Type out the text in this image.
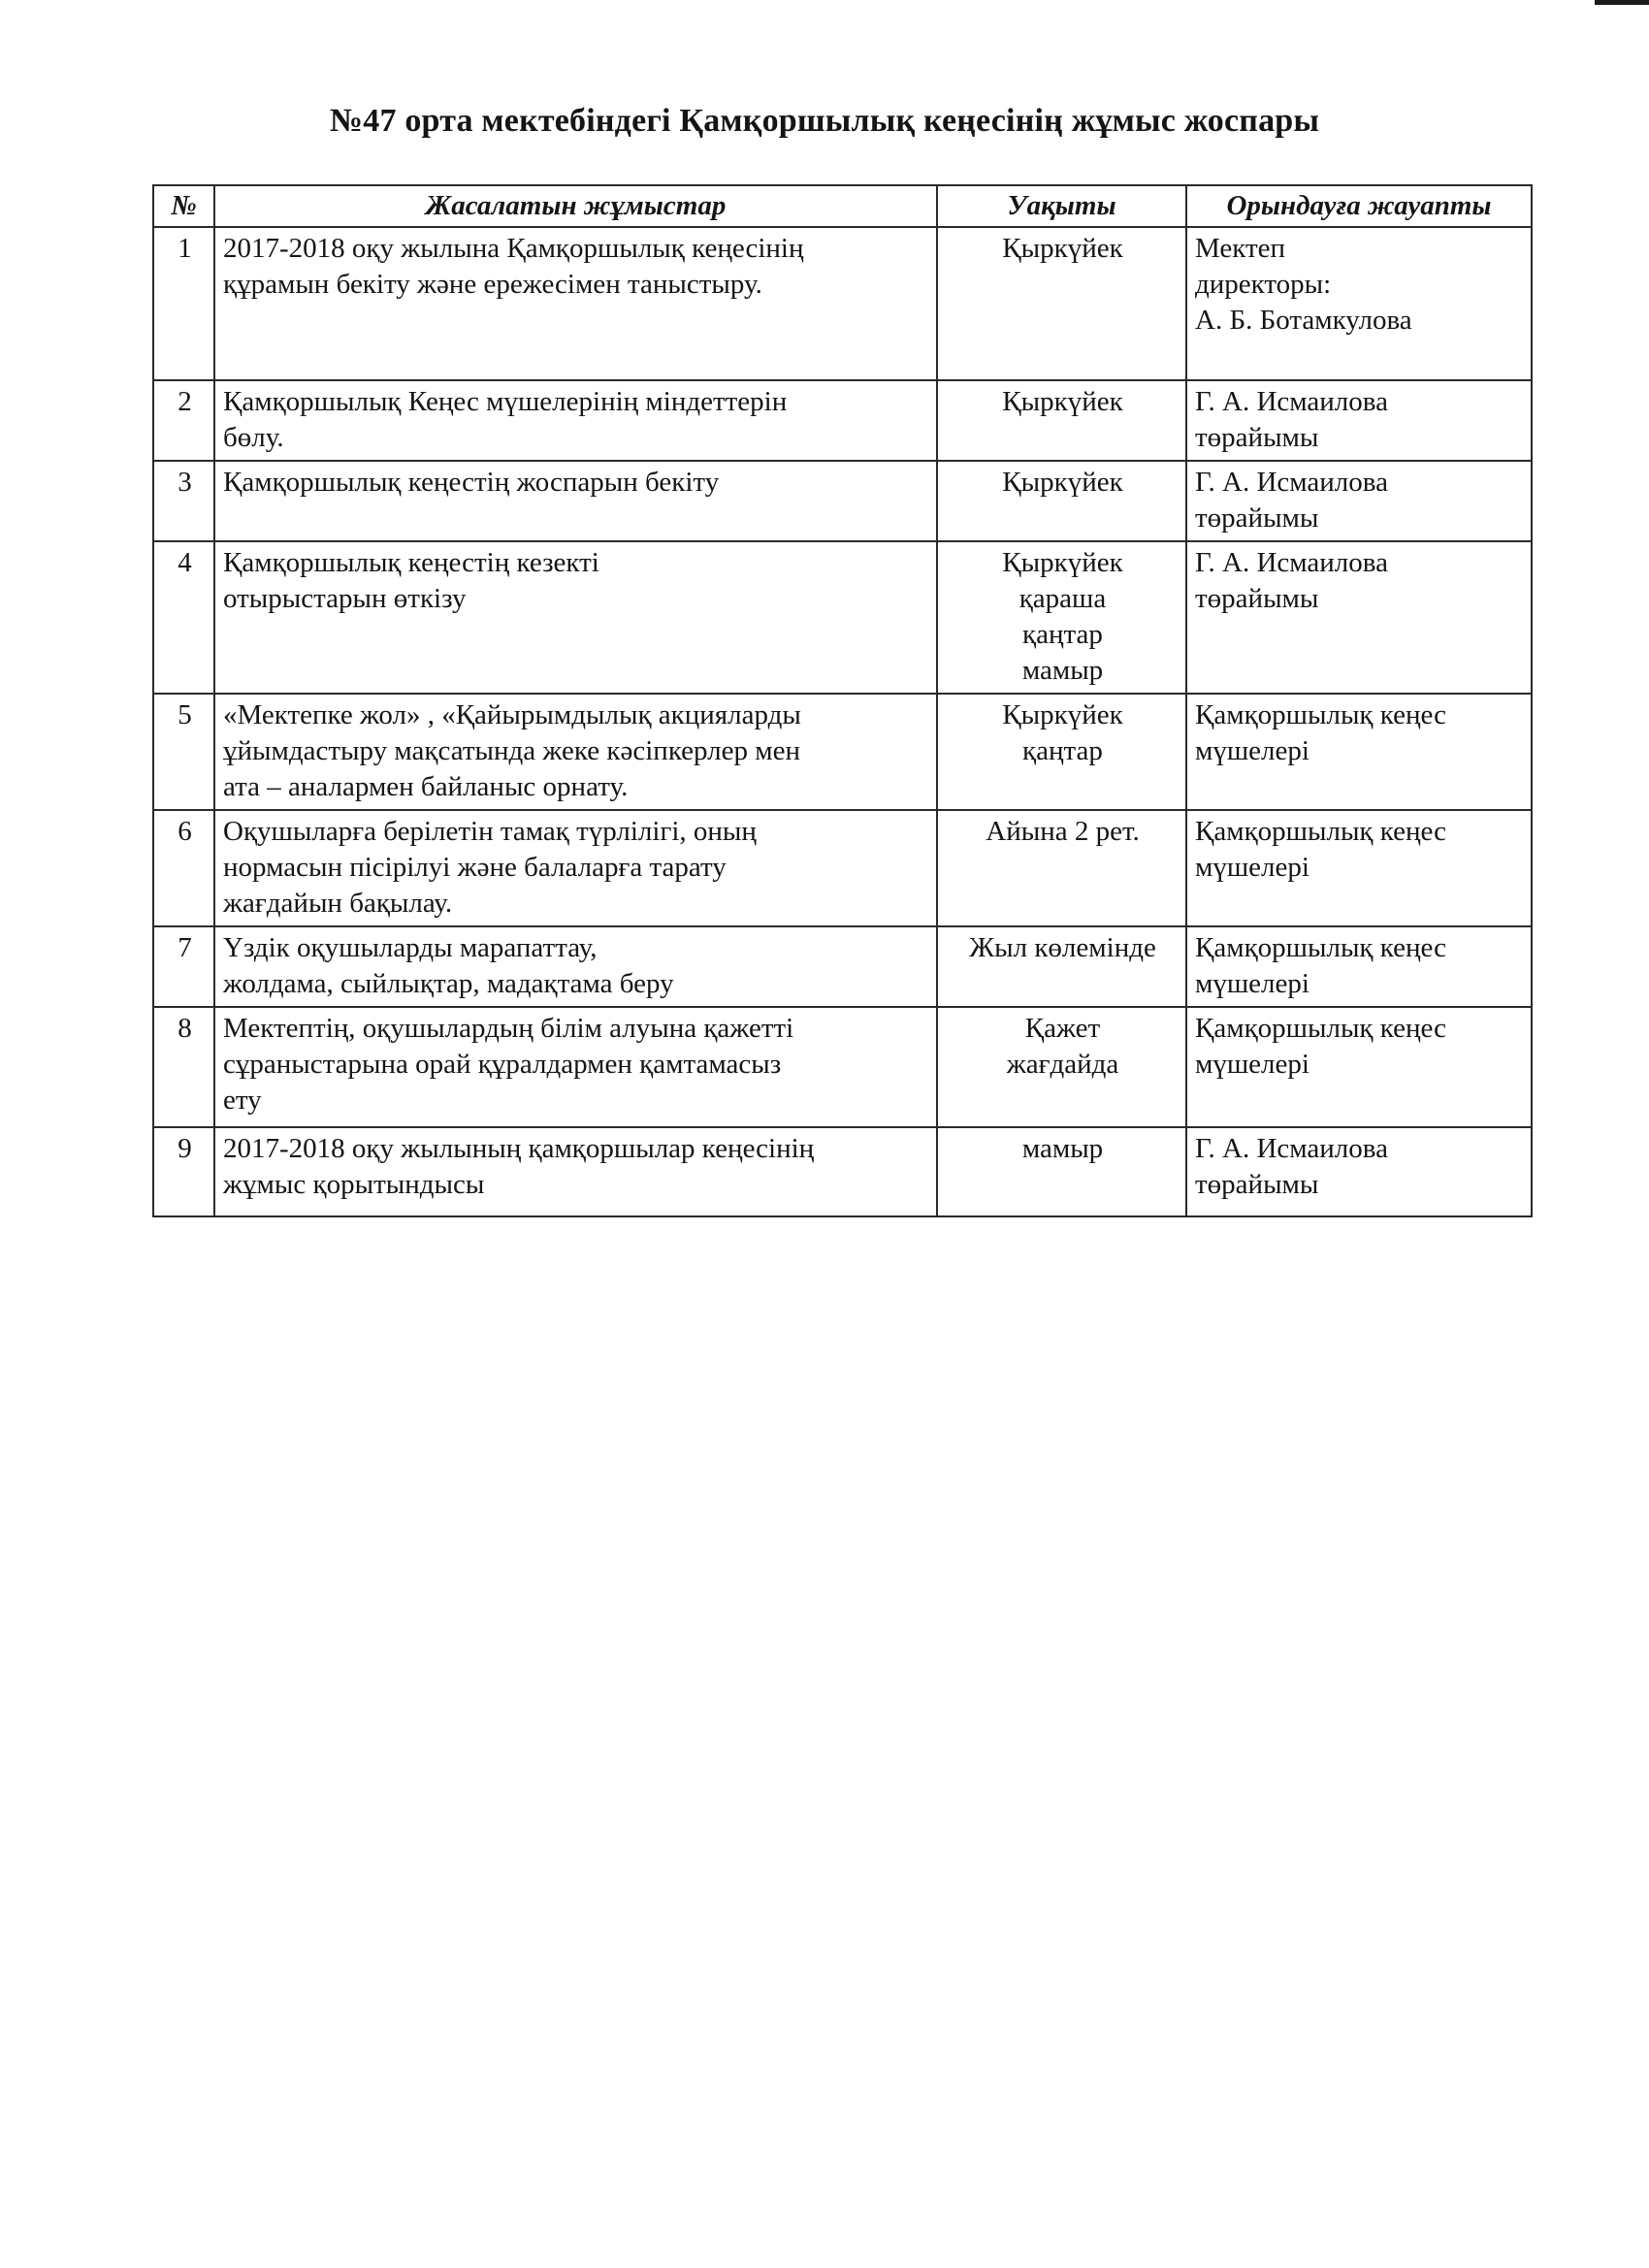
№47 орта мектебіндегі Қамқоршылық кеңесінің жұмыс жоспары
№	Жасалатын жұмыстар	Уақыты	Орындауға жауапты
1	2017-2018 оқу жылына Қамқоршылық кеңесінің
құрамын бекіту және ережесімен таныстыру.	Қыркүйек	Мектеп
директоры:
А. Б. Ботамкулова

2	Қамқоршылық Кеңес мүшелерінің міндеттерін
бөлу.	Қыркүйек	Г. А. Исмаилова
төрайымы

3	Қамқоршылық кеңестің жоспарын бекіту	Қыркүйек	Г. А. Исмаилова
төрайымы

4	Қамқоршылық кеңестің кезекті
отырыстарын өткізу	Қыркүйек
қараша
қаңтар
мамыр	Г. А. Исмаилова
төрайымы

5	«Мектепке жол» , «Қайырымдылық акцияларды
ұйымдастыру мақсатында жеке кәсіпкерлер мен
ата – аналармен байланыс орнату.	Қыркүйек
қаңтар	Қамқоршылық кеңес
мүшелері

6	Оқушыларға берілетін тамақ түрлілігі, оның
нормасын пісірілуі және балаларға тарату
жағдайын бақылау.	Айына 2 рет.	Қамқоршылық кеңес
мүшелері

7	Үздік оқушыларды марапаттау,
жолдама, сыйлықтар, мадақтама беру	Жыл көлемінде	Қамқоршылық кеңес
мүшелері

8	Мектептің, оқушылардың білім алуына қажетті
сұраныстарына орай құралдармен қамтамасыз
ету	Қажет
жағдайда	Қамқоршылық кеңес
мүшелері

9	2017-2018 оқу жылының қамқоршылар кеңесінің
жұмыс қорытындысы	мамыр	Г. А. Исмаилова
төрайымы
